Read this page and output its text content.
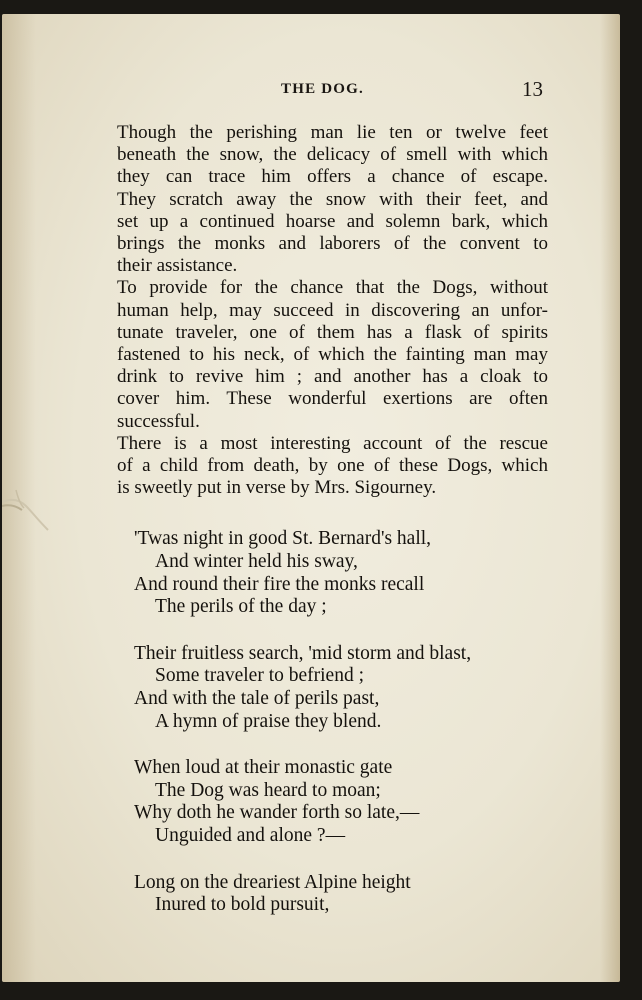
THE DOG.	13
Though the perishing man lie ten or twelve feet
beneath the snow, the delicacy of smell with which
they can trace him offers a chance of escape.
They scratch away the snow with their feet, and
set up a continued hoarse and solemn bark, which
brings the monks and laborers of the convent to
their assistance.
To provide for the chance that the Dogs, without
human help, may succeed in discovering an unfor-
tunate traveler, one of them has a flask of spirits
fastened to his neck, of which the fainting man may
drink to revive him ; and another has a cloak to
cover him. These wonderful exertions are often
successful.
There is a most interesting account of the rescue
of a child from death, by one of these Dogs, which
is sweetly put in verse by Mrs. Sigourney.
'Twas night in good St. Bernard's hall,
And winter held his sway,
And round their fire the monks recall
The perils of the day ;
Their fruitless search, 'mid storm and blast,
Some traveler to befriend ;
And with the tale of perils past,
A hymn of praise they blend.
When loud at their monastic gate
The Dog was heard to moan;
Why doth he wander forth so late,—
Unguided and alone ?—
Long on the dreariest Alpine height
Inured to bold pursuit,
